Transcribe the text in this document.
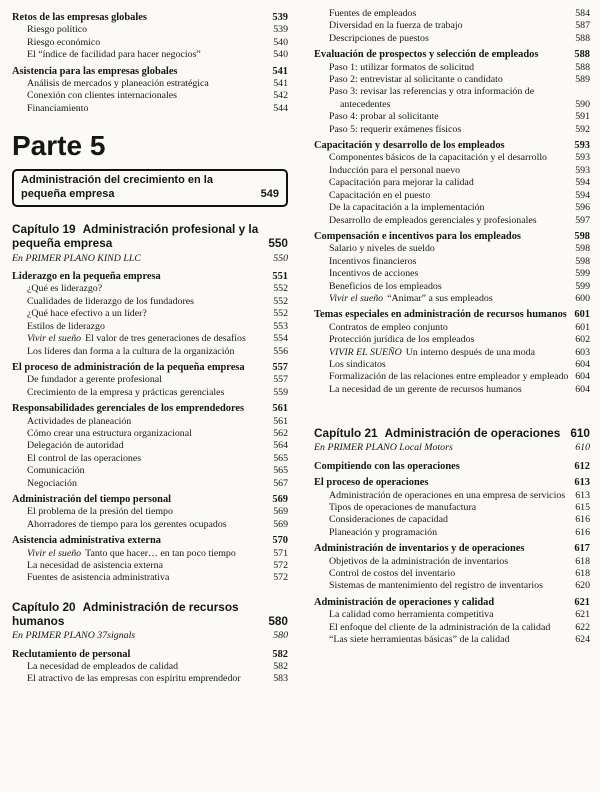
Retos de las empresas globales	539
Riesgo político	539
Riesgo económico	540
El “índice de facilidad para hacer negocios”	540
Asistencia para las empresas globales	541
Análisis de mercados y planeación estratégica	541
Conexión con clientes internacionales	542
Financiamiento	544
Parte 5
Administración del crecimiento en la pequeña empresa	549
Capítulo 19 Administración profesional y la pequeña empresa	550
En PRIMER PLANO KIND LLC	550
Liderazgo en la pequeña empresa	551
¿Qué es liderazgo?	552
Cualidades de liderazgo de los fundadores	552
¿Qué hace efectivo a un líder?	552
Estilos de liderazgo	553
Vivir el sueño El valor de tres generaciones de desafíos	554
Los líderes dan forma a la cultura de la organización	556
El proceso de administración de la pequeña empresa	557
De fundador a gerente profesional	557
Crecimiento de la empresa y prácticas gerenciales	559
Responsabilidades gerenciales de los emprendedores	561
Actividades de planeación	561
Cómo crear una estructura organizacional	562
Delegación de autoridad	564
El control de las operaciones	565
Comunicación	565
Negociación	567
Administración del tiempo personal	569
El problema de la presión del tiempo	569
Ahorradores de tiempo para los gerentes ocupados	569
Asistencia administrativa externa	570
Vivir el sueño Tanto que hacer… en tan poco tiempo	571
La necesidad de asistencia externa	572
Fuentes de asistencia administrativa	572
Capítulo 20 Administración de recursos humanos	580
En PRIMER PLANO 37signals	580
Reclutamiento de personal	582
La necesidad de empleados de calidad	582
El atractivo de las empresas con espíritu emprendedor	583
Fuentes de empleados	584
Diversidad en la fuerza de trabajo	587
Descripciones de puestos	588
Evaluación de prospectos y selección de empleados	588
Paso 1: utilizar formatos de solicitud	588
Paso 2: entrevistar al solicitante o candidato	589
Paso 3: revisar las referencias y otra información de antecedentes	590
Paso 4: probar al solicitante	591
Paso 5: requerir exámenes físicos	592
Capacitación y desarrollo de los empleados	593
Componentes básicos de la capacitación y el desarrollo	593
Inducción para el personal nuevo	593
Capacitación para mejorar la calidad	594
Capacitación en el puesto	594
De la capacitación a la implementación	596
Desarrollo de empleados gerenciales y profesionales	597
Compensación e incentivos para los empleados	598
Salario y niveles de sueldo	598
Incentivos financieros	598
Incentivos de acciones	599
Beneficios de los empleados	599
Vivir el sueño “Animar” a sus empleados	600
Temas especiales en administración de recursos humanos 601
Contratos de empleo conjunto	601
Protección jurídica de los empleados	602
VIVIR EL SUEÑO Un interno después de una moda	603
Los sindicatos	604
Formalización de las relaciones entre empleador y empleado 604
La necesidad de un gerente de recursos humanos	604
Capítulo 21 Administración de operaciones 610
En PRIMER PLANO Local Motors	610
Compitiendo con las operaciones	612
El proceso de operaciones	613
Administración de operaciones en una empresa de servicios	613
Tipos de operaciones de manufactura	615
Consideraciones de capacidad	616
Planeación y programación	616
Administración de inventarios y de operaciones	617
Objetivos de la administración de inventarios	618
Control de costos del inventario	618
Sistemas de mantenimiento del registro de inventarios	620
Administración de operaciones y calidad	621
La calidad como herramienta competitiva	621
El enfoque del cliente de la administración de la calidad	622
“Las siete herramientas básicas” de la calidad	624
